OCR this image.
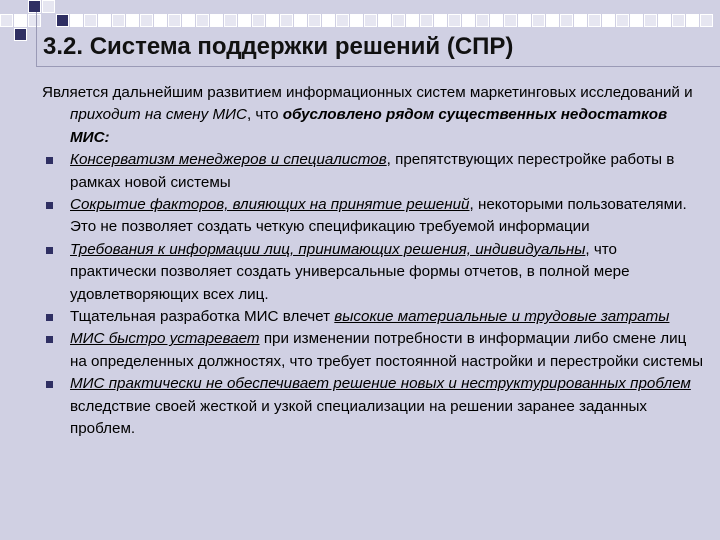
3.2. Система поддержки решений (СПР)

Является дальнейшим развитием информационных систем маркетинговых исследований и приходит на смену МИС, что обусловлено рядом существенных недостатков МИС:

Консерватизм менеджеров и специалистов, препятствующих перестройке работы в рамках новой системы

Сокрытие факторов, влияющих на принятие решений, некоторыми пользователями. Это не позволяет создать четкую спецификацию требуемой информации

Требования к информации лиц, принимающих решения, индивидуальны, что практически позволяет создать универсальные формы отчетов, в полной мере удовлетворяющих всех лиц.

Тщательная разработка МИС влечет высокие материальные и трудовые затраты

МИС быстро устаревает при изменении потребности в информации либо смене лиц на определенных должностях, что требует постоянной настройки и перестройки системы

МИС практически не обеспечивает решение новых и неструктурированных проблем вследствие своей жесткой и узкой специализации на решении заранее заданных проблем.
